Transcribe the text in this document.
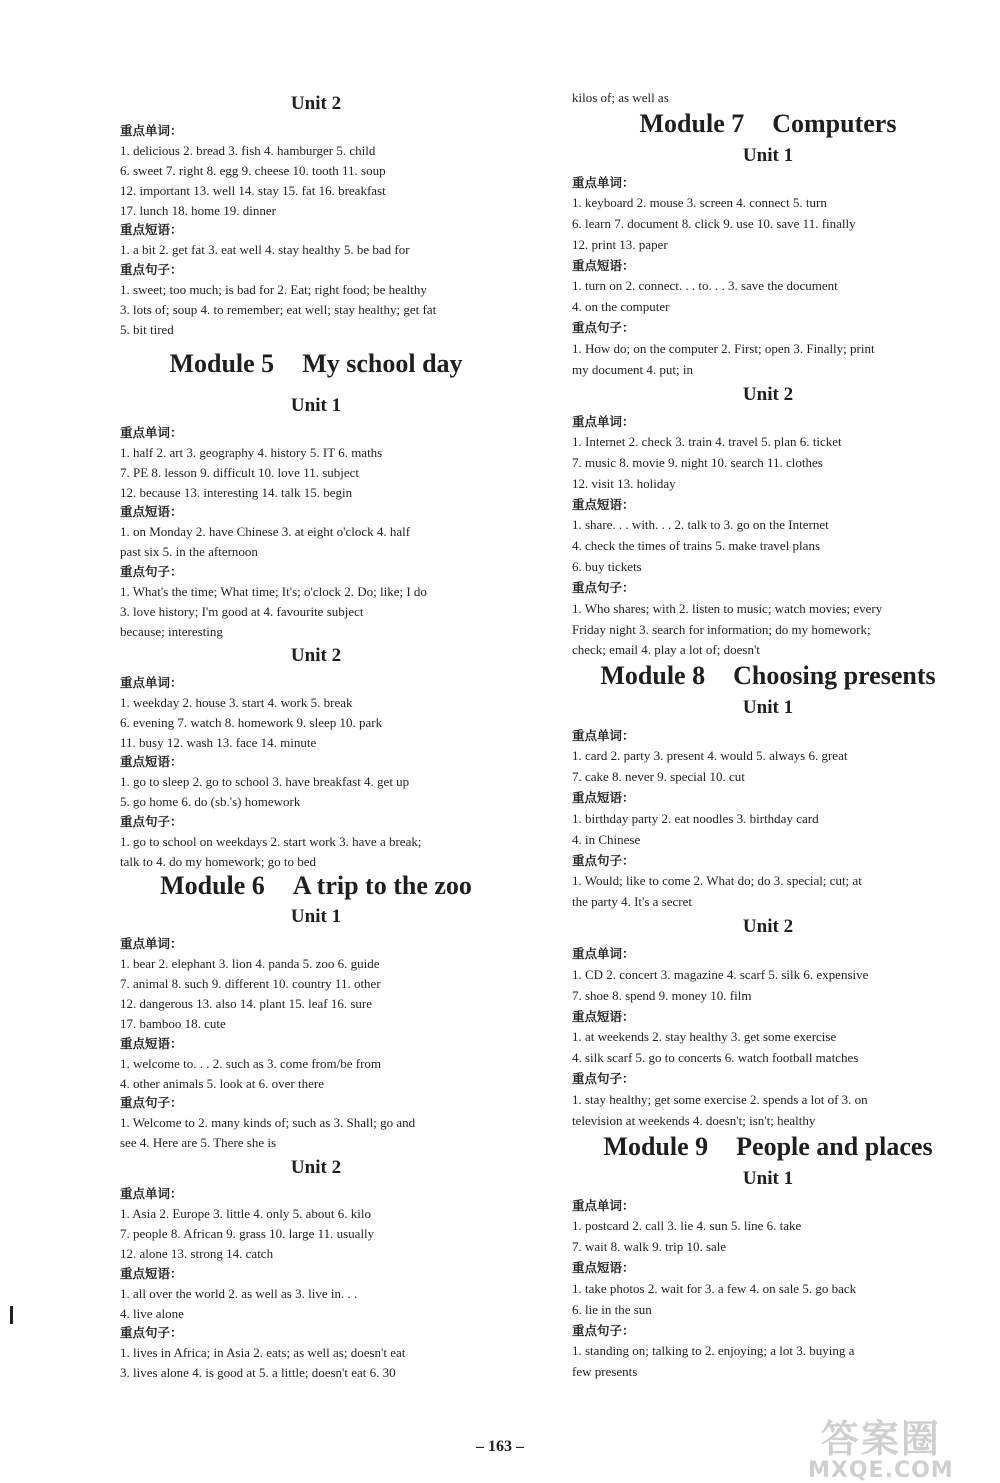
Unit 2
重点单词：
1. delicious 2. bread 3. fish 4. hamburger 5. child
6. sweet 7. right 8. egg 9. cheese 10. tooth 11. soup
12. important 13. well 14. stay 15. fat 16. breakfast
17. lunch 18. home 19. dinner
重点短语：
1. a bit 2. get fat 3. eat well 4. stay healthy 5. be bad for
重点句子：
1. sweet; too much; is bad for 2. Eat; right food; be healthy
3. lots of; soup 4. to remember; eat well; stay healthy; get fat
5. bit tired
Module 5 My school day
Unit 1
重点单词：
1. half 2. art 3. geography 4. history 5. IT 6. maths
7. PE 8. lesson 9. difficult 10. love 11. subject
12. because 13. interesting 14. talk 15. begin
重点短语：
1. on Monday 2. have Chinese 3. at eight o'clock 4. half
past six 5. in the afternoon
重点句子：
1. What's the time; What time; It's; o'clock 2. Do; like; I do
3. love history; I'm good at 4. favourite subject
because; interesting
Unit 2
重点单词：
1. weekday 2. house 3. start 4. work 5. break
6. evening 7. watch 8. homework 9. sleep 10. park
11. busy 12. wash 13. face 14. minute
重点短语：
1. go to sleep 2. go to school 3. have breakfast 4. get up
5. go home 6. do (sb.'s) homework
重点句子：
1. go to school on weekdays 2. start work 3. have a break;
talk to 4. do my homework; go to bed
Module 6 A trip to the zoo
Unit 1
重点单词：
1. bear 2. elephant 3. lion 4. panda 5. zoo 6. guide
7. animal 8. such 9. different 10. country 11. other
12. dangerous 13. also 14. plant 15. leaf 16. sure
17. bamboo 18. cute
重点短语：
1. welcome to. . . 2. such as 3. come from/be from
4. other animals 5. look at 6. over there
重点句子：
1. Welcome to 2. many kinds of; such as 3. Shall; go and
see 4. Here are 5. There she is
Unit 2
重点单词：
1. Asia 2. Europe 3. little 4. only 5. about 6. kilo
7. people 8. African 9. grass 10. large 11. usually
12. alone 13. strong 14. catch
重点短语：
1. all over the world 2. as well as 3. live in. . .
4. live alone
重点句子：
1. lives in Africa; in Asia 2. eats; as well as; doesn't eat
3. lives alone 4. is good at 5. a little; doesn't eat 6. 30
kilos of; as well as
Module 7 Computers
Unit 1
重点单词：
1. keyboard 2. mouse 3. screen 4. connect 5. turn
6. learn 7. document 8. click 9. use 10. save 11. finally
12. print 13. paper
重点短语：
1. turn on 2. connect. . . to. . . 3. save the document
4. on the computer
重点句子：
1. How do; on the computer 2. First; open 3. Finally; print
my document 4. put; in
Unit 2
重点单词：
1. Internet 2. check 3. train 4. travel 5. plan 6. ticket
7. music 8. movie 9. night 10. search 11. clothes
12. visit 13. holiday
重点短语：
1. share. . . with. . . 2. talk to 3. go on the Internet
4. check the times of trains 5. make travel plans
6. buy tickets
重点句子：
1. Who shares; with 2. listen to music; watch movies; every
Friday night 3. search for information; do my homework;
check; email 4. play a lot of; doesn't
Module 8 Choosing presents
Unit 1
重点单词：
1. card 2. party 3. present 4. would 5. always 6. great
7. cake 8. never 9. special 10. cut
重点短语：
1. birthday party 2. eat noodles 3. birthday card
4. in Chinese
重点句子：
1. Would; like to come 2. What do; do 3. special; cut; at
the party 4. It's a secret
Unit 2
重点单词：
1. CD 2. concert 3. magazine 4. scarf 5. silk 6. expensive
7. shoe 8. spend 9. money 10. film
重点短语：
1. at weekends 2. stay healthy 3. get some exercise
4. silk scarf 5. go to concerts 6. watch football matches
重点句子：
1. stay healthy; get some exercise 2. spends a lot of 3. on
television at weekends 4. doesn't; isn't; healthy
Module 9 People and places
Unit 1
重点单词：
1. postcard 2. call 3. lie 4. sun 5. line 6. take
7. wait 8. walk 9. trip 10. sale
重点短语：
1. take photos 2. wait for 3. a few 4. on sale 5. go back
6. lie in the sun
重点句子：
1. standing on; talking to 2. enjoying; a lot 3. buying a
few presents
– 163 –	答案圈
MXQE.COM
